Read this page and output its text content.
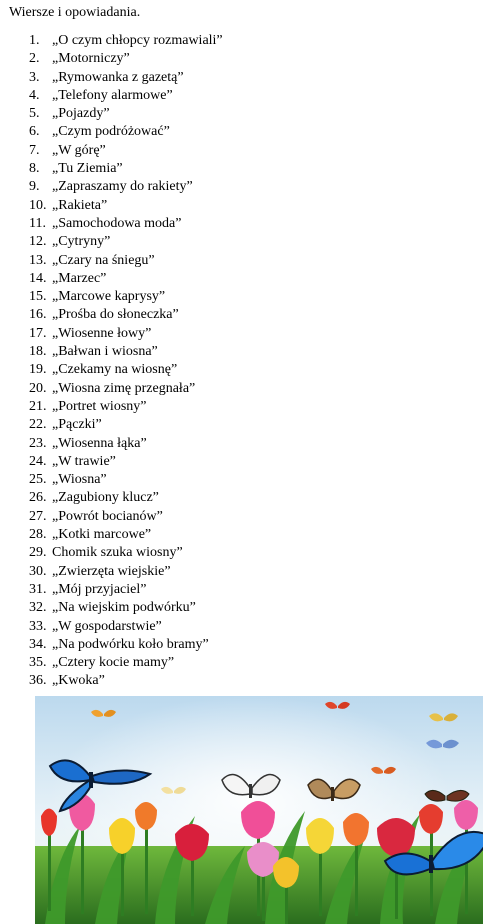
Wiersze i opowiadania.
1. „O czym chłopcy rozmawiali”
2. „Motorniczy”
3. „Rymowanka z gazetą”
4. „Telefony alarmowe”
5. „Pojazdy”
6. „Czym podróżować”
7. „W górę”
8. „Tu Ziemia”
9. „Zapraszamy do rakiety”
10. „Rakieta”
11. „Samochodowa moda”
12. „Cytryny”
13. „Czary na śniegu”
14. „Marzec”
15. „Marcowe kaprysy”
16. „Prośba do słoneczka”
17. „Wiosenne łowy”
18. „Bałwan i wiosna”
19. „Czekamy na wiosnę”
20. „Wiosna zimę przegnała”
21. „Portret wiosny”
22. „Pączki”
23. „Wiosenna łąka”
24. „W trawie”
25. „Wiosna”
26. „Zagubiony klucz”
27. „Powrót bocianów”
28. „Kotki marcowe”
29. Chomik szuka wiosny”
30. „Zwierzęta wiejskie”
31. „Mój przyjaciel”
32. „Na wiejskim podwórku”
33. „W gospodarstwie”
34. „Na podwórku koło bramy”
35. „Cztery kocie mamy”
36. „Kwoka”
